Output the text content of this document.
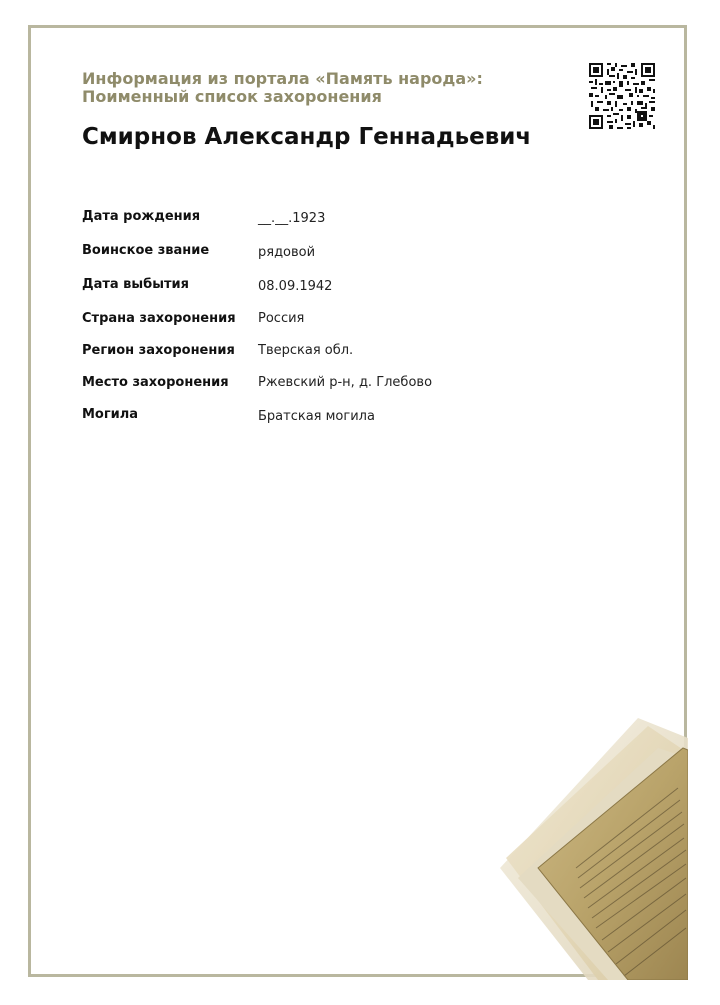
Информация из портала «Память народа»:
Поименный список захоронения
Смирнов Александр Геннадьевич
Дата рождения	__.__.1923
Воинское звание	рядовой
Дата выбытия	08.09.1942
Страна захоронения	Россия
Регион захоронения	Тверская обл.
Место захоронения	Ржевский р-н, д. Глебово
Могила	Братская могила
